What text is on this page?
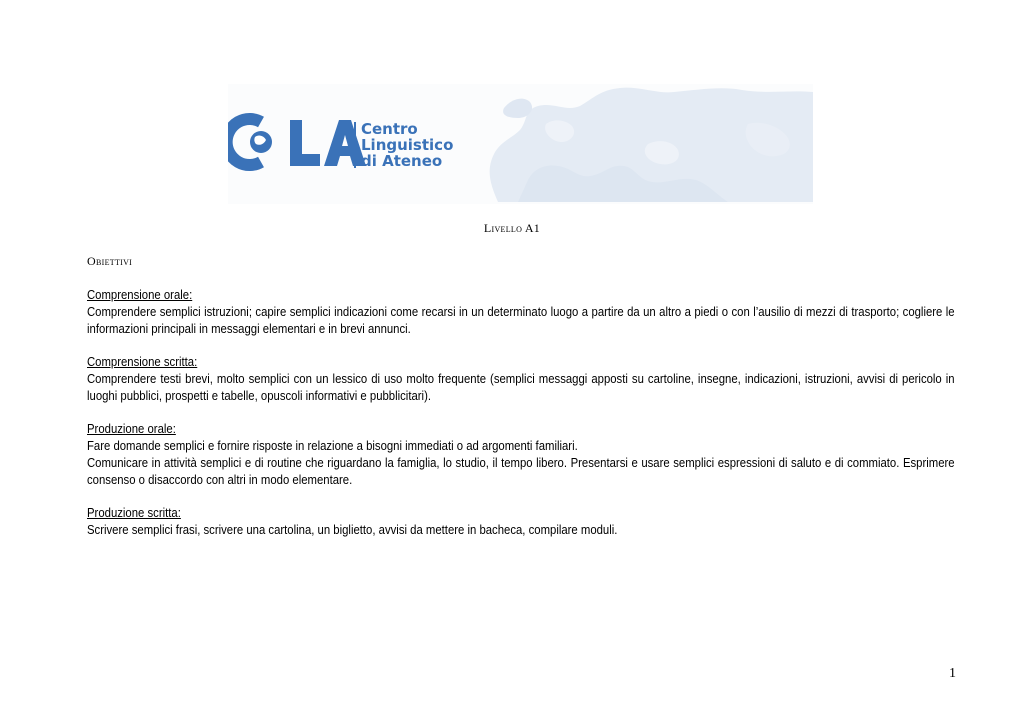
Centro
Linguistico
di Ateneo
Livello A1
Obiettivi
Comprensione orale:

Comprendere semplici istruzioni; capire semplici indicazioni come recarsi in un determinato luogo a partire da un altro a piedi o con l’ausilio di mezzi di trasporto; cogliere le informazioni principali in messaggi elementari e in brevi annunci.

Comprensione scritta:

Comprendere testi brevi, molto semplici con un lessico di uso molto frequente (semplici messaggi apposti su cartoline, insegne, indicazioni, istruzioni, avvisi di pericolo in luoghi pubblici, prospetti e tabelle, opuscoli informativi e pubblicitari).

Produzione orale:

Fare domande semplici e fornire risposte in relazione a bisogni immediati o ad argomenti familiari.

Comunicare in attività semplici e di routine che riguardano la famiglia, lo studio, il tempo libero. Presentarsi e usare semplici espressioni di saluto e di commiato. Esprimere consenso o disaccordo con altri in modo elementare.

Produzione scritta:

Scrivere semplici frasi, scrivere una cartolina, un biglietto, avvisi da mettere in bacheca, compilare moduli.

1
